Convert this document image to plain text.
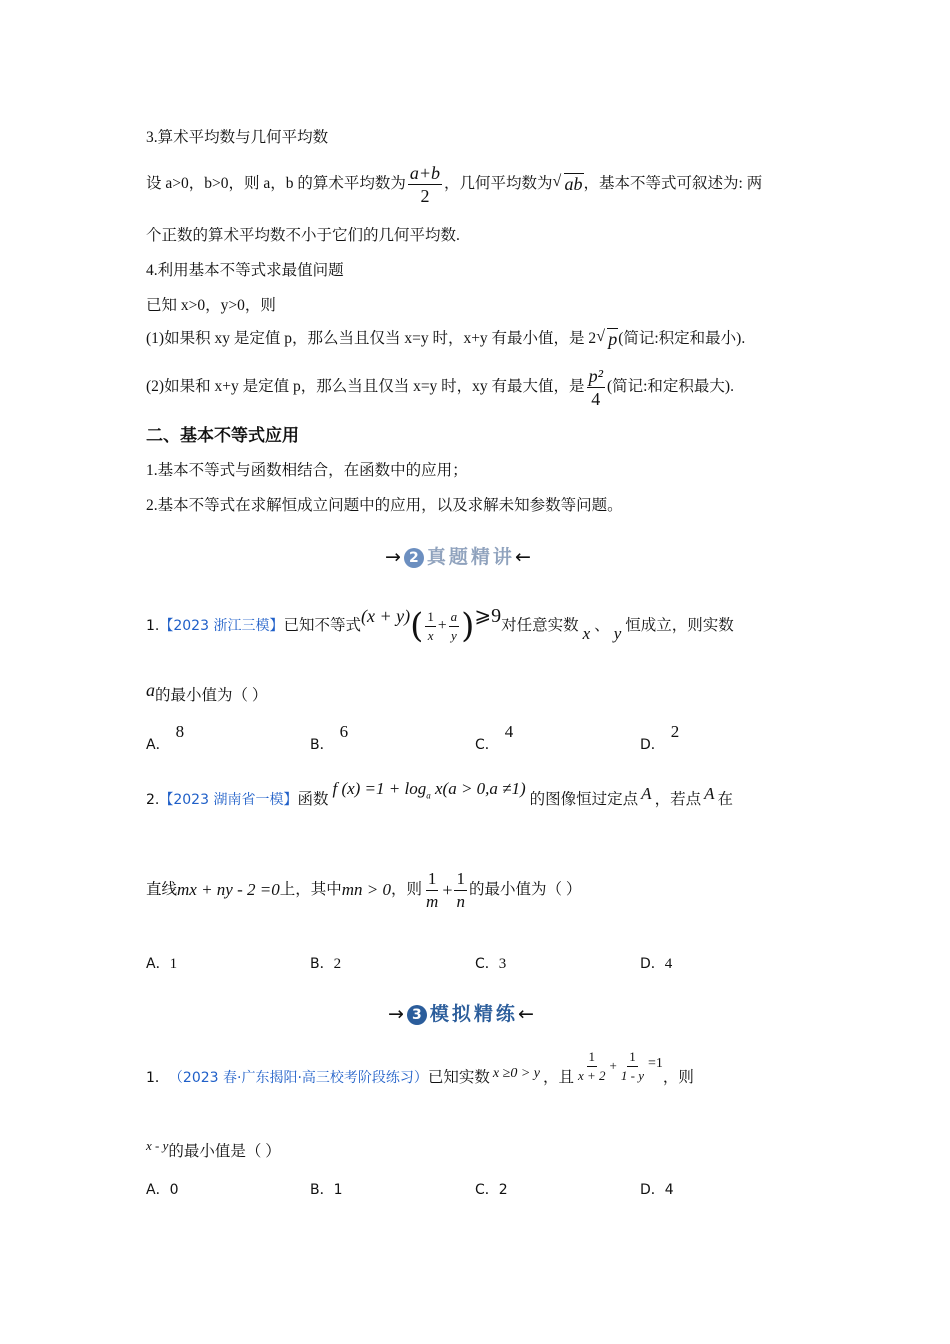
3.算术平均数与几何平均数
设 a>0，b>0，则 a，b 的算术平均数为 $\frac{a+b}{2}$ ，几何平均数为 √ ab ，基本不等式可叙述为: 两
个正数的算术平均数不小于它们的几何平均数.
4.利用基本不等式求最值问题
已知 x>0，y>0，则
(1)如果积 xy 是定值 p，那么当且仅当 x=y 时，x+y 有最小值，是 2 √ p (简记:积定和最小).
(2)如果和 x+y 是定值 p，那么当且仅当 x=y 时，xy 有最大值，是 $\frac{\text{p²}}{4}$ (简记:和定积最大).
二、基本不等式应用
1.基本不等式与函数相结合，在函数中的应用；
2.基本不等式在求解恒成立问题中的应用，以及求解未知参数等问题。
→ 2 真题精讲←
1. 【2023 浙江三模】 已知不等式 (x + y) ( $\frac{1}{x} + \frac{a}{y}$ ) ⩾9 对任意实数 x 、 y 恒成立，则实数
a的最小值为（ ）
A．8
B．6
C．4
D．2
2. 【2023 湖南省一模】 函数
f $(x) =1 + \log_a x(a > 0,a \ne 1)$
的图像恒过定点 A ，若点 A 在
直线 mx + ny - 2 =0 上，其中 mn > 0 ，则 $\frac{1}{m} + \frac{1}{n}$ 的最小值为（ ）
A．1	B．2	C．3	D．4
→ 3 模拟精练←
1． （2023 春·广东揭阳·高三校考阶段练习） 已知实数 x ≥0 > y ，且 $\frac{1}{x + 2} + \frac{1}{1 - y} =1$
，则
$^{x - y}$的最小值是（ ）
A．0	B．1	C．2	D．4
